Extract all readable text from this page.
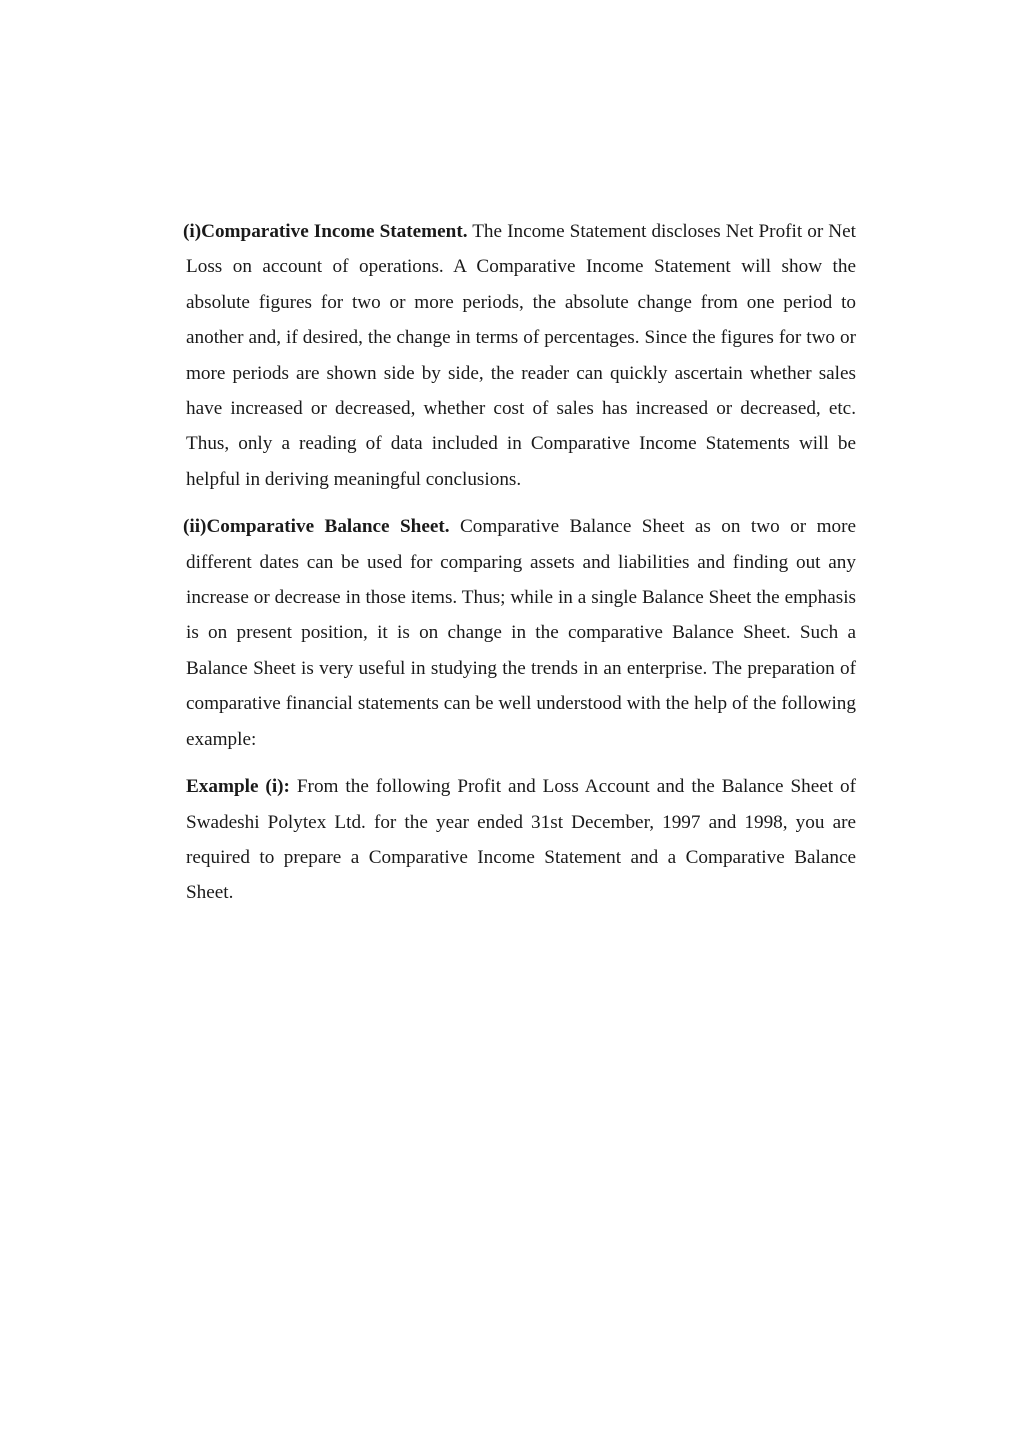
(i)Comparative Income Statement. The Income Statement discloses Net Profit or Net Loss on account of operations. A Comparative Income Statement will show the absolute figures for two or more periods, the absolute change from one period to another and, if desired, the change in terms of percentages. Since the figures for two or more periods are shown side by side, the reader can quickly ascertain whether sales have increased or decreased, whether cost of sales has increased or decreased, etc. Thus, only a reading of data included in Comparative Income Statements will be helpful in deriving meaningful conclusions.

(ii)Comparative Balance Sheet. Comparative Balance Sheet as on two or more different dates can be used for comparing assets and liabilities and finding out any increase or decrease in those items. Thus; while in a single Balance Sheet the emphasis is on present position, it is on change in the comparative Balance Sheet. Such a Balance Sheet is very useful in studying the trends in an enterprise. The preparation of comparative financial statements can be well understood with the help of the following example:

Example (i): From the following Profit and Loss Account and the Balance Sheet of Swadeshi Polytex Ltd. for the year ended 31st December, 1997 and 1998, you are required to prepare a Comparative Income Statement and a Comparative Balance Sheet.
